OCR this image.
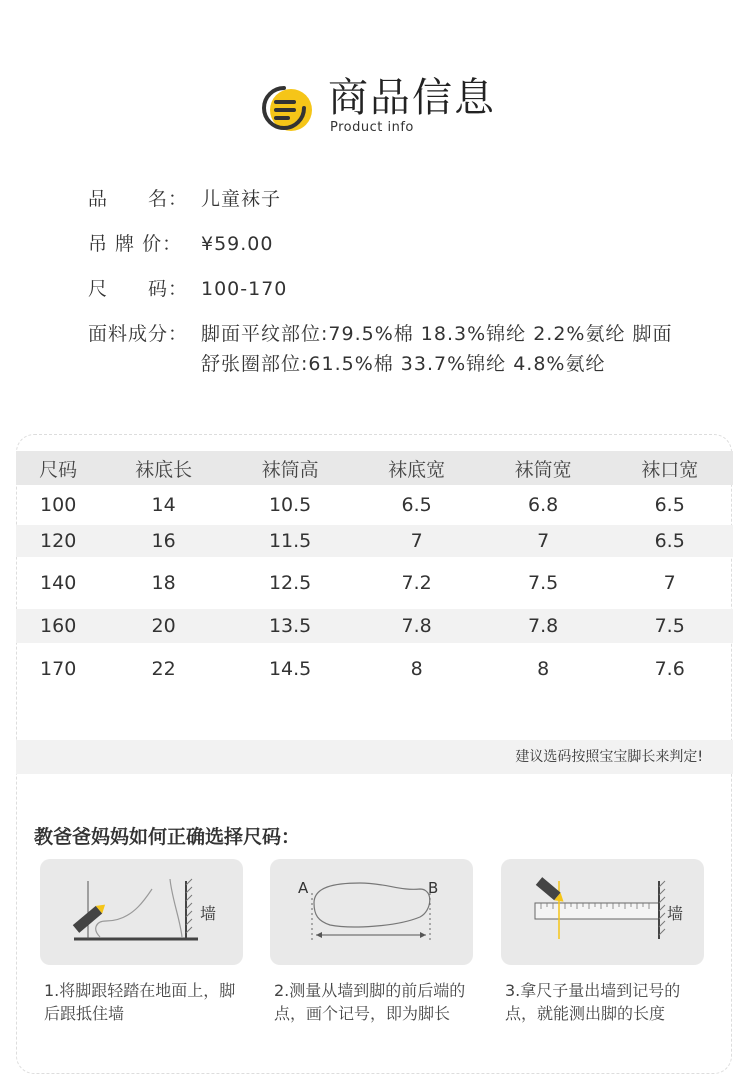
商品信息
Product info
品　　名： 儿童袜子
吊 牌 价： ¥59.00
尺　　码： 100-170
面料成分： 脚面平纹部位:79.5%棉 18.3%锦纶 2.2%氨纶 脚面舒张圈部位:61.5%棉 33.7%锦纶 4.8%氨纶
尺码	袜底长	袜筒高	袜底宽	袜筒宽	袜口宽
100	14	10.5	6.5	6.8	6.5
120	16	11.5	7	7	6.5
140	18	12.5	7.2	7.5	7
160	20	13.5	7.8	7.8	7.5
170	22	14.5	8	8	7.6
建议选码按照宝宝脚长来判定!
教爸爸妈妈如何正确选择尺码：
墙
1.将脚跟轻踏在地面上，脚后跟抵住墙
A	B
2.测量从墙到脚的前后端的点，画个记号，即为脚长
墙
3.拿尺子量出墙到记号的点，就能测出脚的长度
